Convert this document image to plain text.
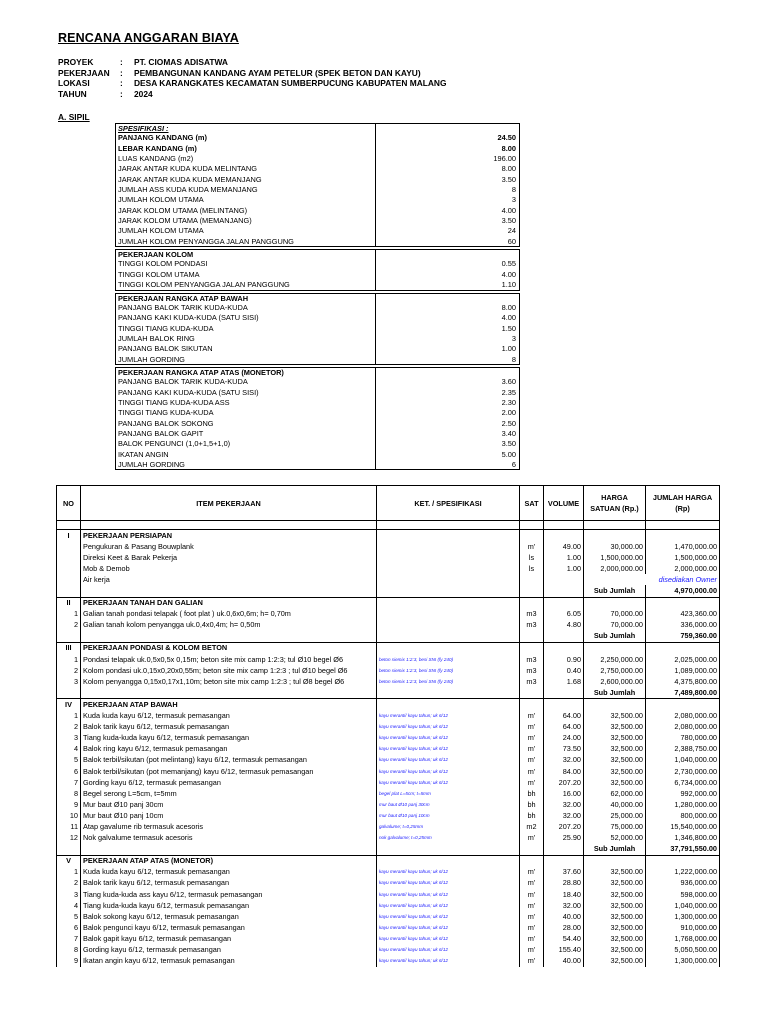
RENCANA ANGGARAN BIAYA
PROYEK	: PT. CIOMAS ADISATWA
PEKERJAAN : PEMBANGUNAN KANDANG AYAM PETELUR (SPEK BETON DAN KAYU)
LOKASI	: DESA KARANGKATES KECAMATAN SUMBERPUCUNG KABUPATEN MALANG
TAHUN	: 2024
A. SIPIL
SPESIFIKASI :
PANJANG KANDANG (m)	24.50
LEBAR KANDANG (m)	8.00
LUAS KANDANG (m2)	196.00
JARAK ANTAR KUDA KUDA MELINTANG	8.00
JARAK ANTAR KUDA KUDA MEMANJANG	3.50
JUMLAH ASS KUDA KUDA MEMANJANG	8
JUMLAH KOLOM UTAMA	3
JARAK KOLOM UTAMA (MELINTANG)	4.00
JARAK KOLOM UTAMA (MEMANJANG)	3.50
JUMLAH KOLOM UTAMA	24
JUMLAH KOLOM PENYANGGA JALAN PANGGUNG	60
PEKERJAAN KOLOM
TINGGI KOLOM PONDASI	0.55
TINGGI KOLOM UTAMA	4.00
TINGGI KOLOM PENYANGGA JALAN PANGGUNG	1.10
PEKERJAAN RANGKA ATAP BAWAH
PANJANG BALOK TARIK KUDA-KUDA	8.00
PANJANG KAKI KUDA-KUDA (SATU SISI)	4.00
TINGGI TIANG KUDA-KUDA	1.50
JUMLAH BALOK RING	3
PANJANG BALOK SIKUTAN	1.00
JUMLAH GORDING	8
PEKERJAAN RANGKA ATAP ATAS (MONETOR)
PANJANG BALOK TARIK KUDA-KUDA	3.60
PANJANG KAKI KUDA-KUDA (SATU SISI)	2.35
TINGGI TIANG KUDA-KUDA ASS	2.30
TINGGI TIANG KUDA-KUDA	2.00
PANJANG BALOK SOKONG	2.50
PANJANG BALOK GAPIT	3.40
BALOK PENGUNCI (1,0+1,5+1,0)	3.50
IKATAN ANGIN	5.00
JUMLAH GORDING	6
NO	ITEM PEKERJAAN	KET. / SPESIFIKASI	SAT	VOLUME	HARGA SATUAN (Rp.)	JUMLAH HARGA (Rp)

I	PEKERJAAN PERSIAPAN					
	Pengukuran & Pasang Bouwplank		m'	49.00	30,000.00	1,470,000.00
	Direksi Keet & Barak Pekerja		ls	1.00	1,500,000.00	1,500,000.00
	Mob & Demob		ls	1.00	2,000,000.00	2,000,000.00
	Air kerja				disediakan Owner	
					Sub Jumlah	4,970,000.00
II	PEKERJAAN TANAH DAN GALIAN					
1	Galian tanah pondasi telapak ( foot plat ) uk.0,6x0,6m; h= 0,70m		m3	6.05	70,000.00	423,360.00
2	Galian tanah kolom penyangga uk.0,4x0,4m; h= 0,50m		m3	4.80	70,000.00	336,000.00
					Sub Jumlah	759,360.00
III	PEKERJAAN PONDASI & KOLOM BETON					
1	Pondasi telapak uk.0,5x0,5x 0,15m; beton site mix camp 1:2:3; tul Ø10 begel Ø6	beton siemix 1:2:3, besi SNI (fy 240)	m3	0.90	2,250,000.00	2,025,000.00
2	Kolom pondasi uk.0,15x0,20x0,55m; beton site mix camp 1:2:3 ; tul Ø10 begel Ø6	beton siemix 1:2:3, besi SNI (fy 240)	m3	0.40	2,750,000.00	1,089,000.00
3	Kolom penyangga 0,15x0,17x1,10m; beton site mix camp 1:2:3 ; tul Ø8 begel Ø6	beton siemix 1:2:3, besi SNI (fy 240)	m3	1.68	2,600,000.00	4,375,800.00
					Sub Jumlah	7,489,800.00
IV	PEKERJAAN ATAP BAWAH					
1	Kuda kuda kayu 6/12, termasuk pemasangan	kayu meranti/ kayu tahun; uk 6/12	m'	64.00	32,500.00	2,080,000.00
2	Balok tarik kayu 6/12, termasuk pemasangan	kayu meranti/ kayu tahun; uk 6/12	m'	64.00	32,500.00	2,080,000.00
3	Tiang kuda-kuda kayu 6/12, termasuk pemasangan	kayu meranti/ kayu tahun; uk 6/12	m'	24.00	32,500.00	780,000.00
4	Balok ring kayu 6/12, termasuk pemasangan	kayu meranti/ kayu tahun; uk 6/12	m'	73.50	32,500.00	2,388,750.00
5	Balok terbil/sikutan (pot melintang) kayu 6/12, termasuk pemasangan	kayu meranti/ kayu tahun; uk 6/12	m'	32.00	32,500.00	1,040,000.00
6	Balok terbil/sikutan (pot memanjang) kayu 6/12, termasuk pemasangan	kayu meranti/ kayu tahun; uk 6/12	m'	84.00	32,500.00	2,730,000.00
7	Gording kayu 6/12, termasuk pemasangan	kayu meranti/ kayu tahun; uk 6/12	m'	207.20	32,500.00	6,734,000.00
8	Begel serong L=5cm, t=5mm	begel plat L=5cm; t=5mm	bh	16.00	62,000.00	992,000.00
9	Mur baut Ø10 panj 30cm	mur baut Ø10 panj 30cm	bh	32.00	40,000.00	1,280,000.00
10	Mur baut Ø10 panj 10cm	mur baut Ø10 panj 10cm	bh	32.00	25,000.00	800,000.00
11	Atap gavalume rib termasuk acesoris	galvalume; t=0,25mm	m2	207.20	75,000.00	15,540,000.00
12	Nok galvalume termasuk acesoris	nok galvalume; t=0,25mm	m'	25.90	52,000.00	1,346,800.00
					Sub Jumlah	37,791,550.00
V	PEKERJAAN ATAP ATAS (MONETOR)					
1	Kuda kuda kayu 6/12, termasuk pemasangan	kayu meranti/ kayu tahun; uk 6/12	m'	37.60	32,500.00	1,222,000.00
2	Balok tarik kayu 6/12, termasuk pemasangan	kayu meranti/ kayu tahun; uk 6/12	m'	28.80	32,500.00	936,000.00
3	Tiang kuda-kuda ass kayu 6/12, termasuk pemasangan	kayu meranti/ kayu tahun; uk 6/12	m'	18.40	32,500.00	598,000.00
4	Tiang kuda-kuda kayu 6/12, termasuk pemasangan	kayu meranti/ kayu tahun; uk 6/12	m'	32.00	32,500.00	1,040,000.00
5	Balok sokong kayu 6/12, termasuk pemasangan	kayu meranti/ kayu tahun; uk 6/12	m'	40.00	32,500.00	1,300,000.00
6	Balok pengunci kayu 6/12, termasuk pemasangan	kayu meranti/ kayu tahun; uk 6/12	m'	28.00	32,500.00	910,000.00
7	Balok gapit kayu 6/12, termasuk pemasangan	kayu meranti/ kayu tahun; uk 6/12	m'	54.40	32,500.00	1,768,000.00
8	Gording kayu 6/12, termasuk pemasangan	kayu meranti/ kayu tahun; uk 6/12	m'	155.40	32,500.00	5,050,500.00
9	Ikatan angin kayu 6/12, termasuk pemasangan	kayu meranti/ kayu tahun; uk 6/12	m'	40.00	32,500.00	1,300,000.00
